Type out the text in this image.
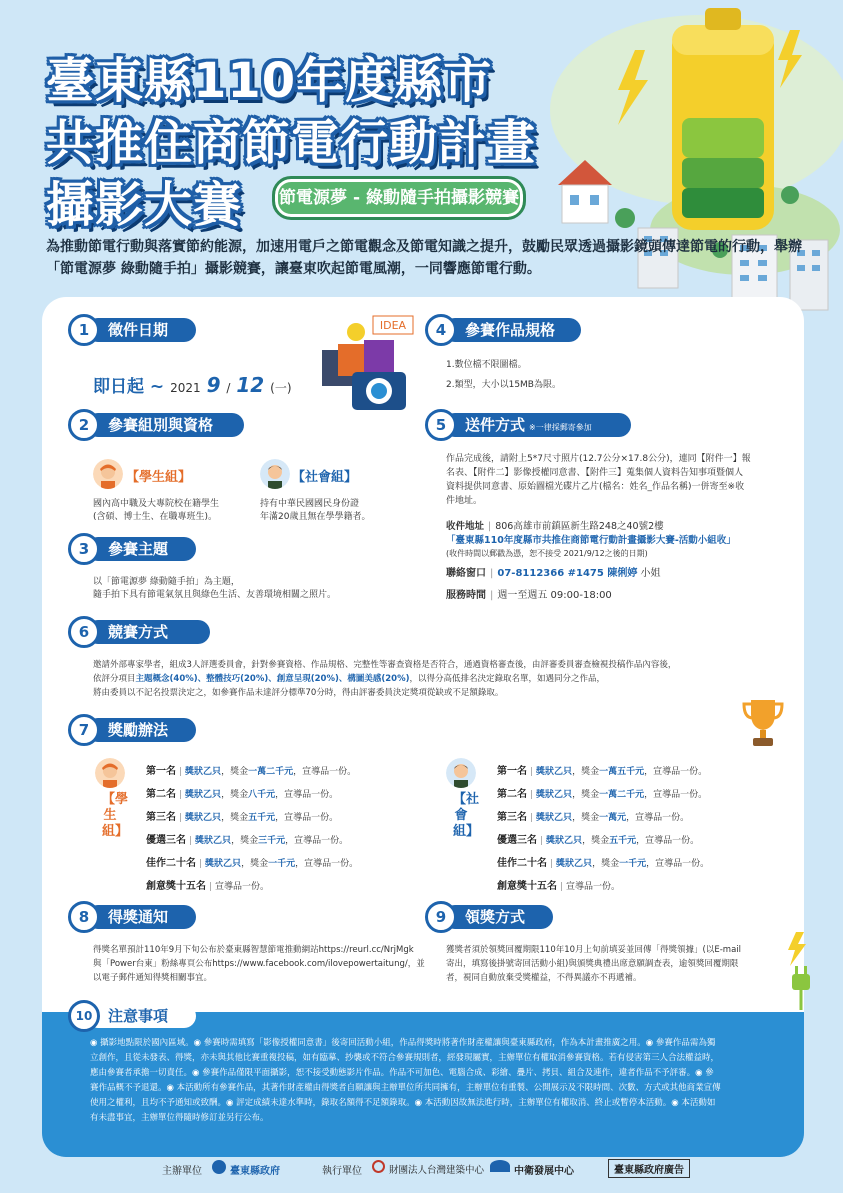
臺東縣110年度縣市
共推住商節電行動計畫
攝影大賽	節電源夢 - 綠動隨手拍攝影競賽
為推動節電行動與落實節約能源，加速用電戶之節電觀念及節電知識之提升，鼓勵民眾透過攝影鏡頭傳達節電的行動，舉辦「節電源夢 綠動隨手拍」攝影競賽，讓臺東吹起節電風潮，一同響應節電行動。
1	徵件日期
即日起 ~ 2021 9 / 12 (一)
IDEA
2	參賽組別與資格
【學生組】
國內高中職及大專院校在籍學生
(含碩、博士生、在職專班生)。
【社會組】
持有中華民國國民身份證
年滿20歲且無在學學籍者。
3	參賽主題
以「節電源夢 綠動隨手拍」為主題，
隨手拍下具有節電氣氛且與綠色生活、友善環境相關之照片。
4	參賽作品規格
1.數位檔不限圖檔。
2.類型，大小以15MB為限。
5	送件方式 ※一律採郵寄參加
作品完成後，請附上5*7尺寸照片(12.7公分×17.8公分)，連同【附件一】報
名表、【附件二】影像授權同意書、【附件三】蒐集個人資料告知事項暨個人
資料提供同意書、原始圖檔光碟片乙片(檔名：姓名_作品名稱)一併寄至※收
件地址。
收件地址 | 806高雄市前鎮區新生路248之40號2樓
「臺東縣110年度縣市共推住商節電行動計畫攝影大賽-活動小組收」
(收件時間以郵戳為憑，恕不接受 2021/9/12之後的日期)
聯絡窗口 | 07-8112366 #1475 陳俐婷 小姐
服務時間 | 週一至週五 09:00-18:00
6	競賽方式
邀請外部專家學者，組成3人評選委員會，針對參賽資格、作品規格、完整性等審查資格是否符合，通過資格審查後，由評審委員審查檢視投稿作品內容後，
依評分項目主題概念(40%)、整體技巧(20%)、創意呈現(20%)、構圖美感(20%)，以得分高低排名決定錄取名單，如遇同分之作品，
將由委員以不記名投票決定之，如參賽作品未達評分標準70分時，得由評審委員決定獎項從缺或不足額錄取。
7	獎勵辦法
【學生組】
第一名 | 獎狀乙只，獎金一萬二千元，宣導品一份。
第二名 | 獎狀乙只，獎金八千元，宣導品一份。
第三名 | 獎狀乙只，獎金五千元，宣導品一份。
優選三名 | 獎狀乙只，獎金三千元，宣導品一份。
佳作二十名 | 獎狀乙只，獎金一千元，宣導品一份。
創意獎十五名 | 宣導品一份。
【社會組】
第一名 | 獎狀乙只，獎金一萬五千元，宣導品一份。
第二名 | 獎狀乙只，獎金一萬二千元，宣導品一份。
第三名 | 獎狀乙只，獎金一萬元，宣導品一份。
優選三名 | 獎狀乙只，獎金五千元，宣導品一份。
佳作二十名 | 獎狀乙只，獎金一千元，宣導品一份。
創意獎十五名 | 宣導品一份。
8	得獎通知
得獎名單預計110年9月下旬公布於臺東縣智慧節電推動網站https://reurl.cc/NrjMgk
與「Power台東」粉絲專頁公布https://www.facebook.com/ilovepowertaitung/，並
以電子郵件通知得獎相關事宜。
9	領獎方式
獲獎者須於領獎回覆期限110年10月上旬前填妥並回傳「得獎領據」(以E-mail
寄出，填寫後掛號寄回活動小組)與頒獎典禮出席意願調查表，逾領獎回覆期限
者，視同自動放棄受獎權益，不得異議亦不再遞補。
10	注意事項
◉ 攝影地點限於國內區域。◉ 參賽時需填寫「影像授權同意書」後寄回活動小組，作品得獎時將著作財產權讓與臺東縣政府，作為本計畫推廣之用。◉ 參賽作品需為獨
立創作，且從未發表、得獎，亦未與其他比賽重複投稿，如有臨摹、抄襲或不符合參賽規則者，經發現屬實，主辦單位有權取消參賽資格。若有侵害第三人合法權益時，
應由參賽者承擔一切責任。◉ 參賽作品僅限平面攝影，恕不接受動態影片作品。作品不可加色、電腦合成、彩繪、疊片、拷貝、組合及連作，違者作品不予評審。◉ 參
賽作品概不予退還。◉ 本活動所有參賽作品，其著作財產權由得獎者自願讓與主辦單位所共同擁有，主辦單位有重製、公開展示及不限時間、次數、方式或其他商業宣傳
使用之權利，且均不予通知或致酬。◉ 評定成績未達水準時，錄取名額得不足額錄取。◉ 本活動因故無法進行時，主辦單位有權取消、終止或暫停本活動。◉ 本活動如
有未盡事宜，主辦單位得隨時修訂並另行公布。
主辦單位	臺東縣政府	執行單位	財團法人台灣建築中心	中衛發展中心	臺東縣政府廣告
